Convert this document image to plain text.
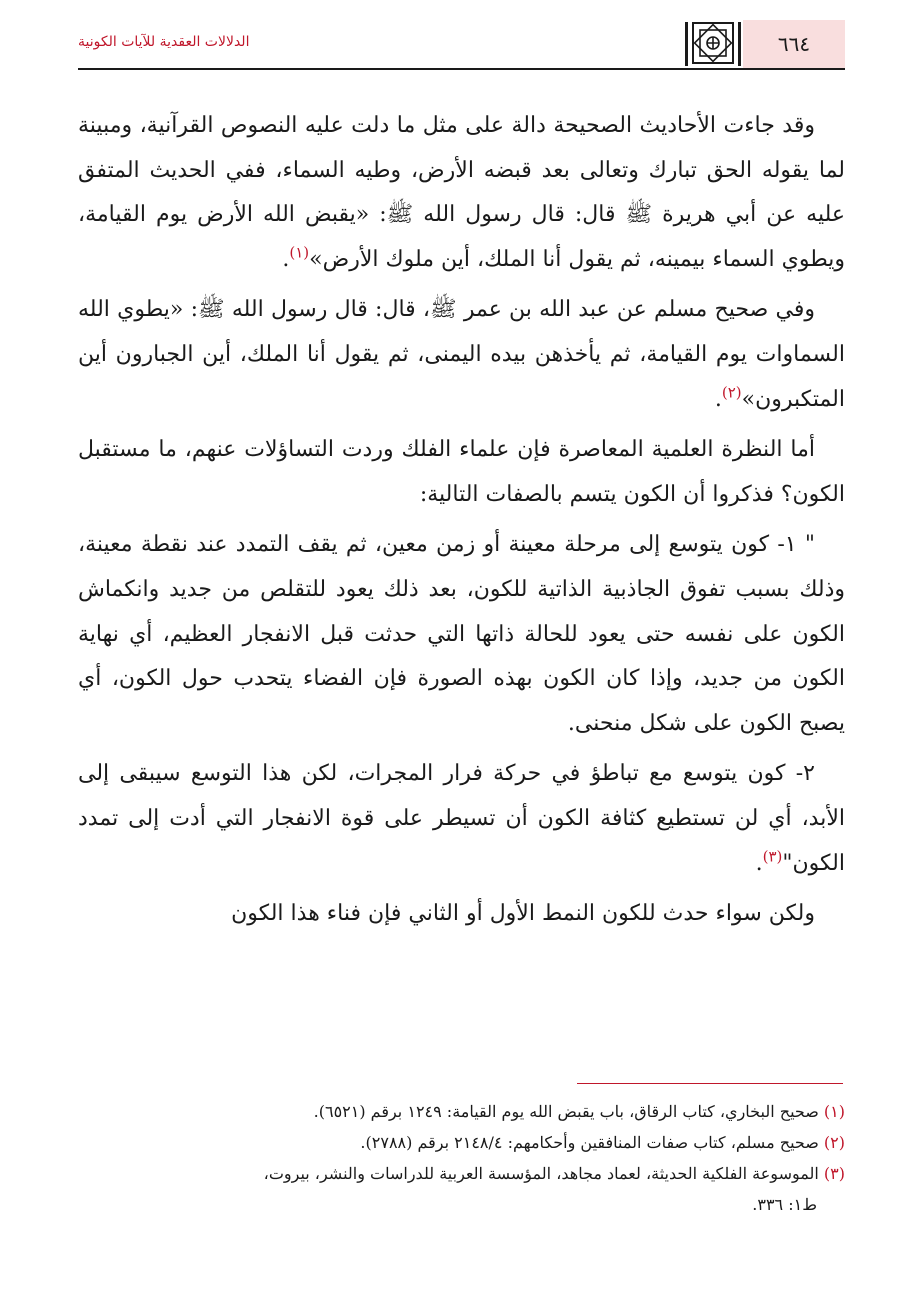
٦٦٤
الدلالات العقدية للآيات الكونية

وقد جاءت الأحاديث الصحيحة دالة على مثل ما دلت عليه النصوص القرآنية، ومبينة لما يقوله الحق تبارك وتعالى بعد قبضه الأرض، وطيه السماء، ففي الحديث المتفق عليه عن أبي هريرة ﷺ قال: قال رسول الله ﷺ: «يقبض الله الأرض يوم القيامة، ويطوي السماء بيمينه، ثم يقول أنا الملك، أين ملوك الأرض»$^{(١)}$.

وفي صحيح مسلم عن عبد الله بن عمر ﷺ، قال: قال رسول الله ﷺ: «يطوي الله السماوات يوم القيامة، ثم يأخذهن بيده اليمنى، ثم يقول أنا الملك، أين الجبارون أين المتكبرون»$^{(٢)}$.

أما النظرة العلمية المعاصرة فإن علماء الفلك وردت التساؤلات عنهم، ما مستقبل الكون؟ فذكروا أن الكون يتسم بالصفات التالية:

" ١- كون يتوسع إلى مرحلة معينة أو زمن معين، ثم يقف التمدد عند نقطة معينة، وذلك بسبب تفوق الجاذبية الذاتية للكون، بعد ذلك يعود للتقلص من جديد وانكماش الكون على نفسه حتى يعود للحالة ذاتها التي حدثت قبل الانفجار العظيم، أي نهاية الكون من جديد، وإذا كان الكون بهذه الصورة فإن الفضاء يتحدب حول الكون، أي يصبح الكون على شكل منحنى.

٢- كون يتوسع مع تباطؤ في حركة فرار المجرات، لكن هذا التوسع سيبقى إلى الأبد، أي لن تستطيع كثافة الكون أن تسيطر على قوة الانفجار التي أدت إلى تمدد الكون"$^{(٣)}$.

ولكن سواء حدث للكون النمط الأول أو الثاني فإن فناء هذا الكون

(١) صحيح البخاري، كتاب الرقاق، باب يقبض الله يوم القيامة: ١٢٤٩ برقم (٦٥٢١).

(٢) صحيح مسلم، كتاب صفات المنافقين وأحكامهم: ٢١٤٨/٤ برقم (٢٧٨٨).

(٣) الموسوعة الفلكية الحديثة، لعماد مجاهد، المؤسسة العربية للدراسات والنشر، بيروت،

ط١: ٣٣٦.
